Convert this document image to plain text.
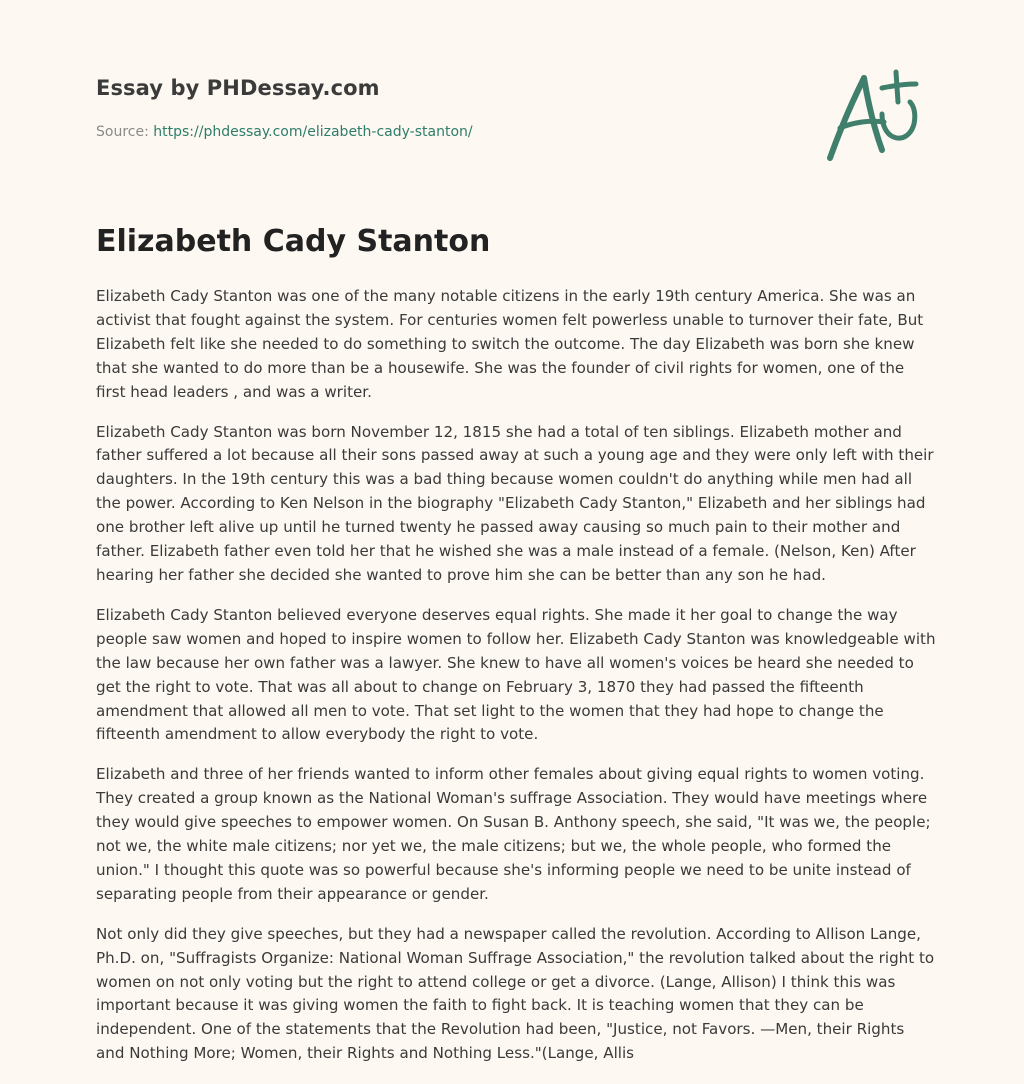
Essay by PHDessay.com
Source: https://phdessay.com/elizabeth-cady-stanton/
Elizabeth Cady Stanton

Elizabeth Cady Stanton was one of the many notable citizens in the early 19th century America. She was an activist that fought against the system. For centuries women felt powerless unable to turnover their fate, But Elizabeth felt like she needed to do something to switch the outcome. The day Elizabeth was born she knew that she wanted to do more than be a housewife. She was the founder of civil rights for women, one of the first head leaders , and was a writer.

Elizabeth Cady Stanton was born November 12, 1815 she had a total of ten siblings. Elizabeth mother and father suffered a lot because all their sons passed away at such a young age and they were only left with their daughters. In the 19th century this was a bad thing because women couldn't do anything while men had all the power. According to Ken Nelson in the biography "Elizabeth Cady Stanton," Elizabeth and her siblings had one brother left alive up until he turned twenty he passed away causing so much pain to their mother and father. Elizabeth father even told her that he wished she was a male instead of a female. (Nelson, Ken) After hearing her father she decided she wanted to prove him she can be better than any son he had.

Elizabeth Cady Stanton believed everyone deserves equal rights. She made it her goal to change the way people saw women and hoped to inspire women to follow her. Elizabeth Cady Stanton was knowledgeable with the law because her own father was a lawyer. She knew to have all women's voices be heard she needed to get the right to vote. That was all about to change on February 3, 1870 they had passed the fifteenth amendment that allowed all men to vote. That set light to the women that they had hope to change the fifteenth amendment to allow everybody the right to vote.

Elizabeth and three of her friends wanted to inform other females about giving equal rights to women voting. They created a group known as the National Woman's suffrage Association. They would have meetings where they would give speeches to empower women. On Susan B. Anthony speech, she said, "It was we, the people; not we, the white male citizens; nor yet we, the male citizens; but we, the whole people, who formed the union." I thought this quote was so powerful because she's informing people we need to be unite instead of separating people from their appearance or gender.

Not only did they give speeches, but they had a newspaper called the revolution. According to Allison Lange, Ph.D. on, "Suffragists Organize: National Woman Suffrage Association," the revolution talked about the right to women on not only voting but the right to attend college or get a divorce. (Lange, Allison) I think this was important because it was giving women the faith to fight back. It is teaching women that they can be independent. One of the statements that the Revolution had been, "Justice, not Favors. —Men, their Rights and Nothing More; Women, their Rights and Nothing Less."(Lange, Allis
